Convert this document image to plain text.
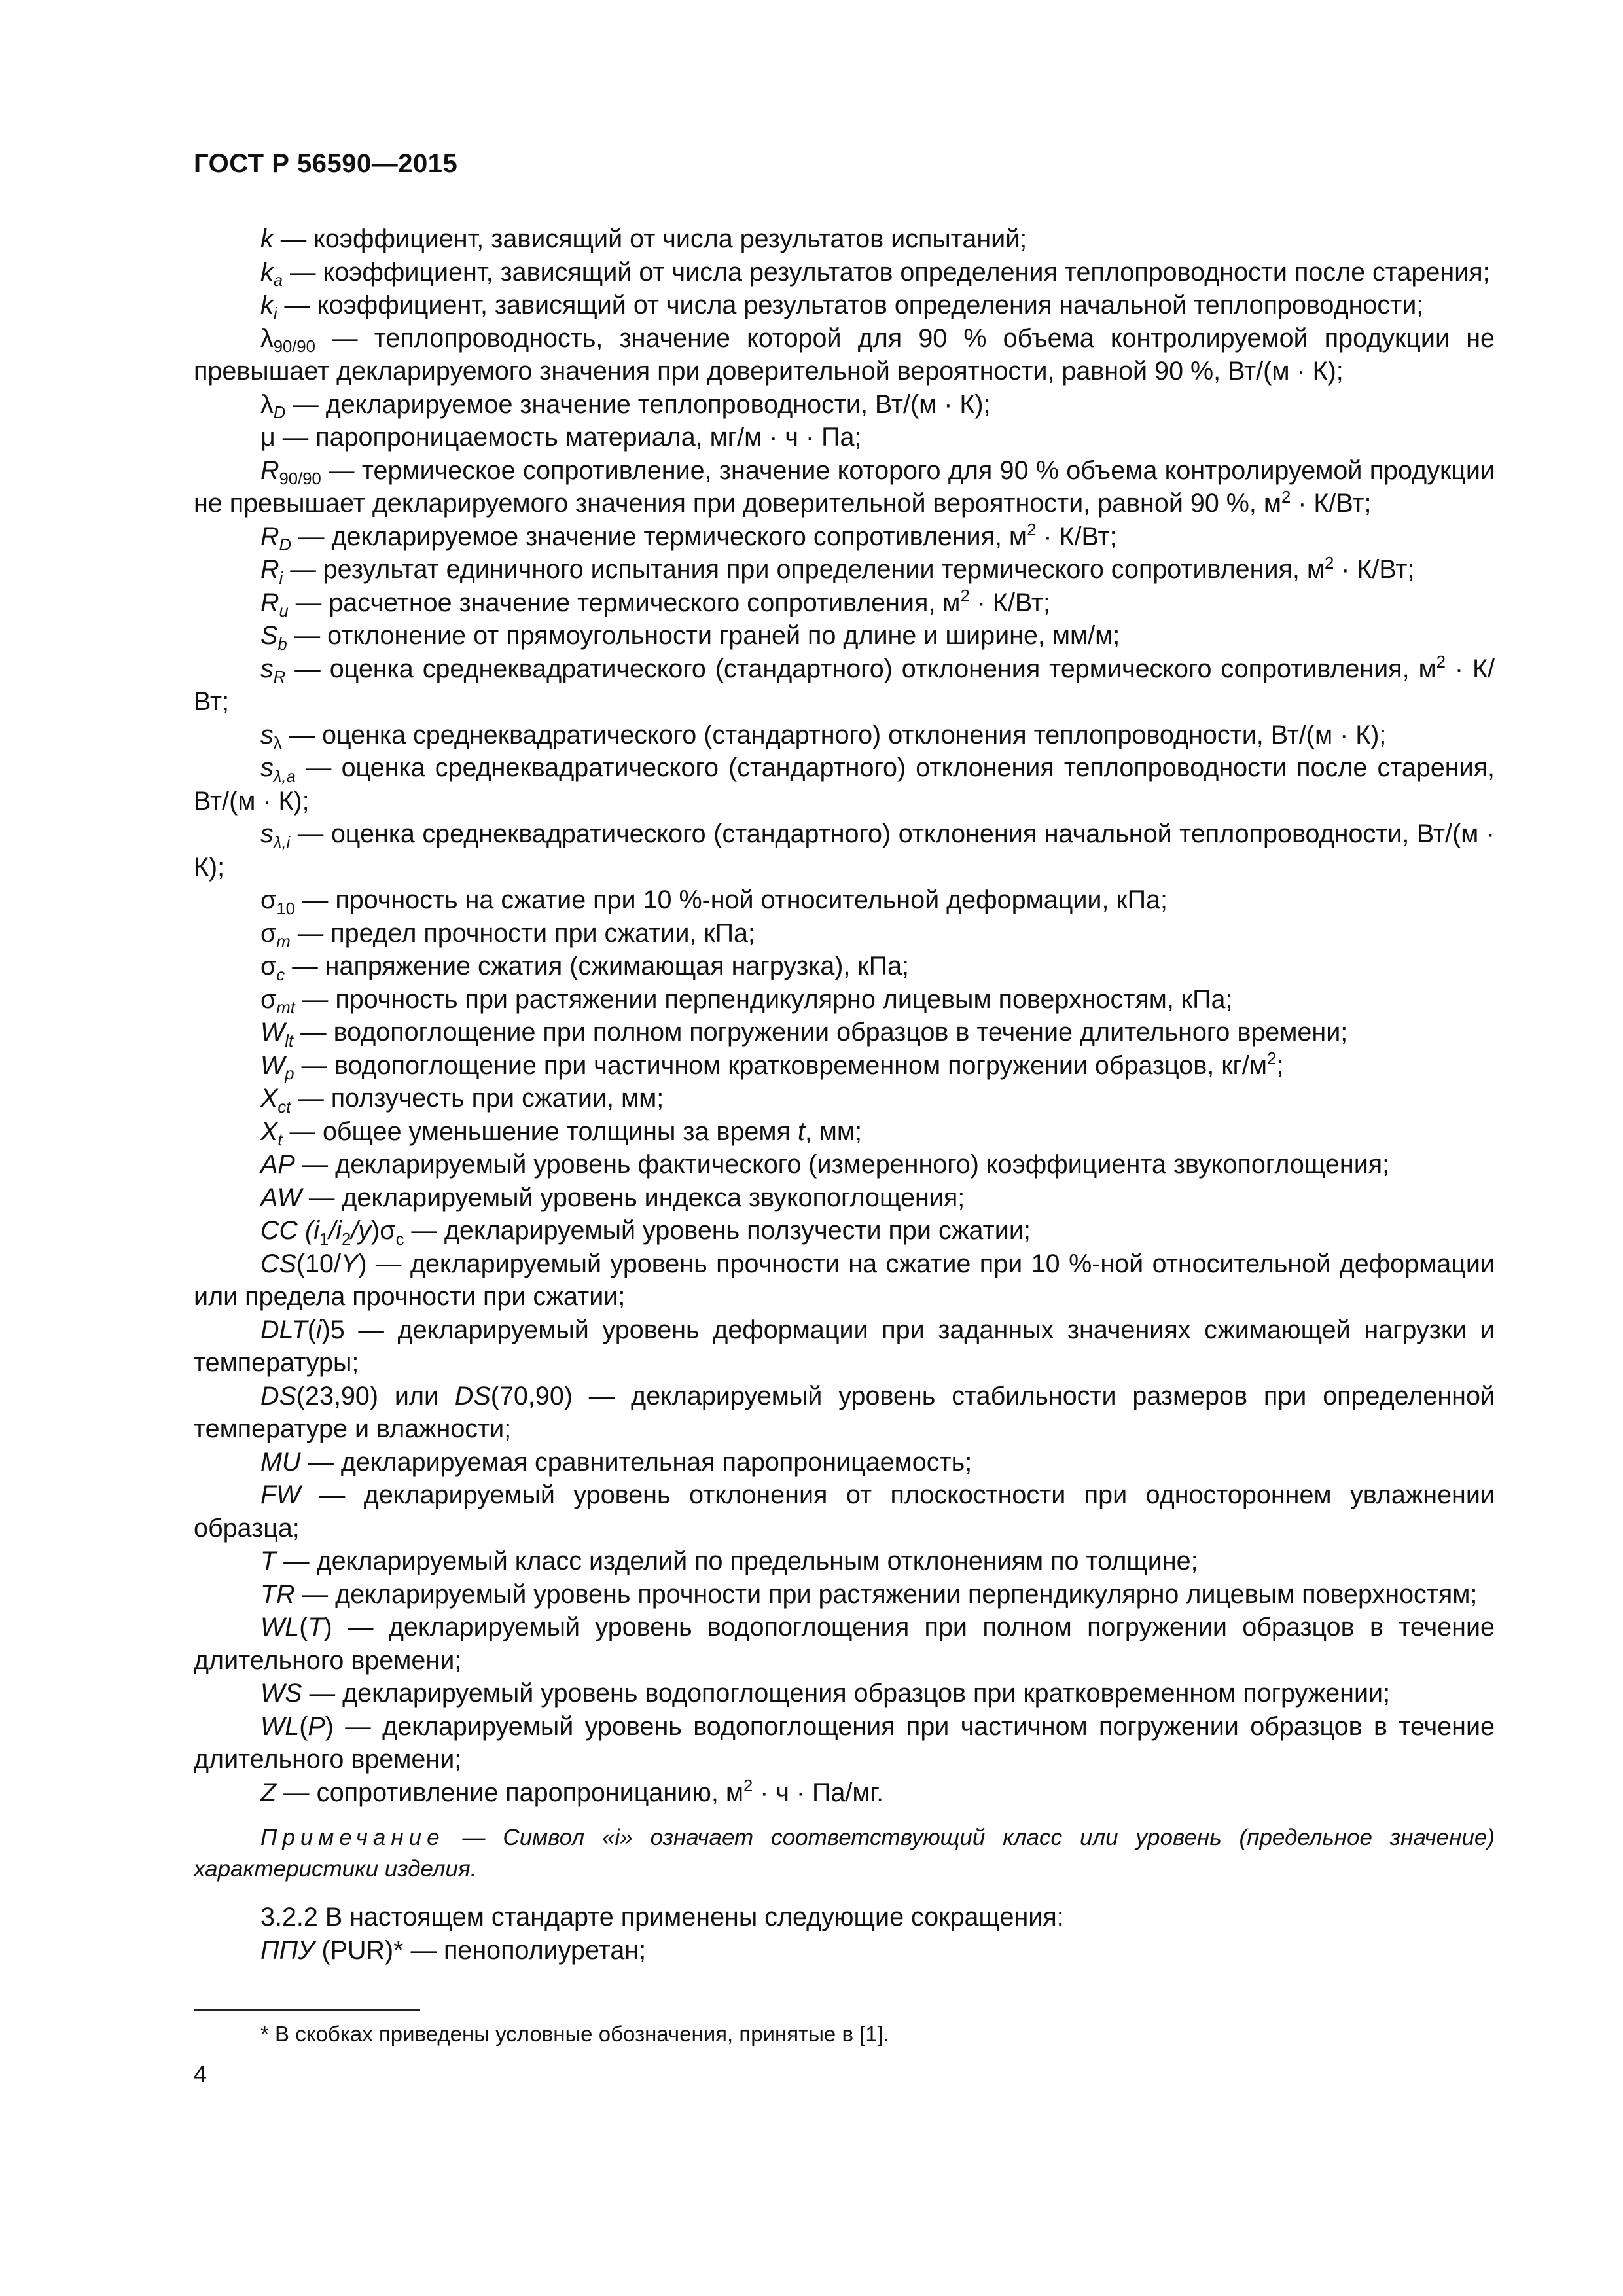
ГОСТ Р 56590—2015

k — коэффициент, зависящий от числа результатов испытаний;

$k_a$ — коэффициент, зависящий от числа результатов определения теплопроводности после старения;

$k_i$ — коэффициент, зависящий от числа результатов определения начальной теплопроводности;

$\lambda_{90/90}$ — теплопроводность, значение которой для 90 % объема контролируемой продукции не превышает декларируемого значения при доверительной вероятности, равной 90 %, Вт/(м · К);

$\lambda_D$ — декларируемое значение теплопроводности, Вт/(м · К);

μ — паропроницаемость материала, мг/м · ч · Па;

$R_{90/90}$ — термическое сопротивление, значение которого для 90 % объема контролируемой продукции не превышает декларируемого значения при доверительной вероятности, равной 90 %, $м^2 \cdot К/Вт$;

$R_D$ — декларируемое значение термического сопротивления, $м^2 \cdot К/Вт$;

$R_i$ — результат единичного испытания при определении термического сопротивления, $м^2 \cdot К/Вт$;

$R_u$ — расчетное значение термического сопротивления, $м^2 \cdot К/Вт$;

$S_b$ — отклонение от прямоугольности граней по длине и ширине, мм/м;

$s_R$ — оценка среднеквадратического (стандартного) отклонения термического сопротивления, $м^2 \cdot К/Вт$;

$s_\lambda$ — оценка среднеквадратического (стандартного) отклонения теплопроводности, Вт/(м · К);

$s_{\lambda,a}$ — оценка среднеквадратического (стандартного) отклонения теплопроводности после старения, Вт/(м · К);

$s_{\lambda,i}$ — оценка среднеквадратического (стандартного) отклонения начальной теплопроводности, Вт/(м · К);

$\sigma_{10}$ — прочность на сжатие при 10 %-ной относительной деформации, кПа;

$\sigma_m$ — предел прочности при сжатии, кПа;

$\sigma_c$ — напряжение сжатия (сжимающая нагрузка), кПа;

$\sigma_{mt}$ — прочность при растяжении перпендикулярно лицевым поверхностям, кПа;

$W_{lt}$ — водопоглощение при полном погружении образцов в течение длительного времени;

$W_p$ — водопоглощение при частичном кратковременном погружении образцов, $кг/м^2$;

$X_{ct}$ — ползучесть при сжатии, мм;

$X_t$ — общее уменьшение толщины за время t, мм;

AP — декларируемый уровень фактического (измеренного) коэффициента звукопоглощения;

AW — декларируемый уровень индекса звукопоглощения;

CC $(i_1/i_2/y)\sigma_c$ — декларируемый уровень ползучести при сжатии;

CS(10/Y) — декларируемый уровень прочности на сжатие при 10 %-ной относительной деформации или предела прочности при сжатии;

DLT(i)5 — декларируемый уровень деформации при заданных значениях сжимающей нагрузки и температуры;

DS(23,90) или DS(70,90) — декларируемый уровень стабильности размеров при определенной температуре и влажности;

MU — декларируемая сравнительная паропроницаемость;

FW — декларируемый уровень отклонения от плоскостности при одностороннем увлажнении образца;

T — декларируемый класс изделий по предельным отклонениям по толщине;

TR — декларируемый уровень прочности при растяжении перпендикулярно лицевым поверхностям;

WL(T) — декларируемый уровень водопоглощения при полном погружении образцов в течение длительного времени;

WS — декларируемый уровень водопоглощения образцов при кратковременном погружении;

WL(P) — декларируемый уровень водопоглощения при частичном погружении образцов в течение длительного времени;

Z — сопротивление паропроницанию, $м^2 \cdot ч \cdot Па/мг$.

Примечание — Символ «i» означает соответствующий класс или уровень (предельное значение) характеристики изделия.

3.2.2 В настоящем стандарте применены следующие сокращения:

ППУ (PUR)* — пенополиуретан;

* В скобках приведены условные обозначения, принятые в [1].
4
